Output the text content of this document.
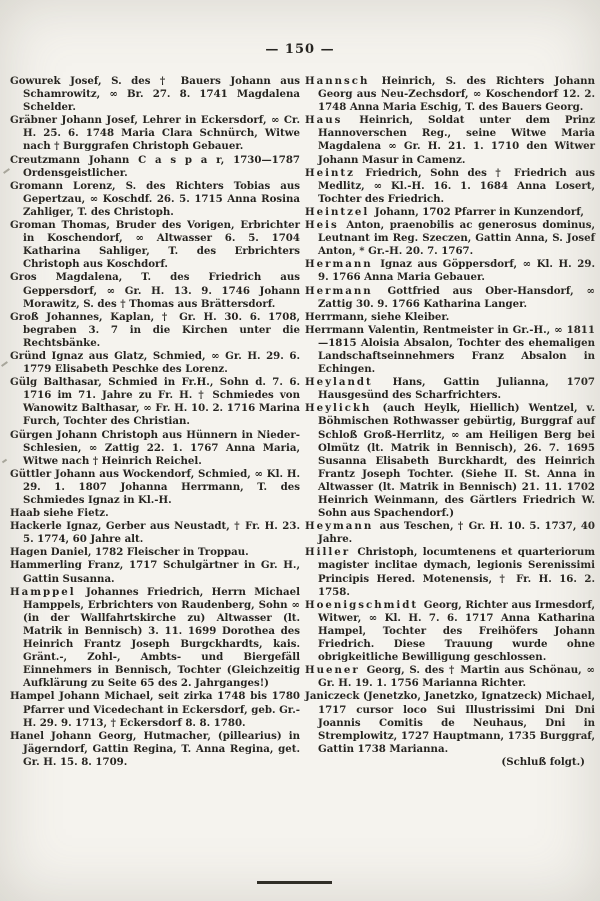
— 150 —

Gowurek Josef, S. des † Bauers Johann aus Schamrowitz, ∞ Br. 27. 8. 1741 Magdalena Schelder.

Gräbner Johann Josef, Lehrer in Eckersdorf, ∞ Cr. H. 25. 6. 1748 Maria Clara Schnürch, Witwe nach † Burggrafen Christoph Gebauer.

Creutzmann Johann C a s p a r, 1730—1787 Ordensgeistlicher.

Gromann Lorenz, S. des Richters Tobias aus Gepertzau, ∞ Koschdf. 26. 5. 1715 Anna Rosina Zahliger, T. des Christoph.

Groman Thomas, Bruder des Vorigen, Erbrichter in Koschendorf, ∞ Altwasser 6. 5. 1704 Katharina Sahliger, T. des Erbrichters Christoph aus Koschdorf.

Gros Magdalena, T. des Friedrich aus Geppersdorf, ∞ Gr. H. 13. 9. 1746 Johann Morawitz, S. des † Thomas aus Brättersdorf.

Groß Johannes, Kaplan, † Gr. H. 30. 6. 1708, begraben 3. 7 in die Kirchen unter die Rechtsbänke.

Gründ Ignaz aus Glatz, Schmied, ∞ Gr. H. 29. 6. 1779 Elisabeth Peschke des Lorenz.

Gülg Balthasar, Schmied in Fr.H., Sohn d. 7. 6. 1716 im 71. Jahre zu Fr. H. † Schmiedes von Wanowitz Balthasar, ∞ Fr. H. 10. 2. 1716 Marina Furch, Tochter des Christian.

Gürgen Johann Christoph aus Hünnern in Nieder-Schlesien, ∞ Zattig 22. 1. 1767 Anna Maria, Witwe nach † Heinrich Reichel.

Güttler Johann aus Wockendorf, Schmied, ∞ Kl. H. 29. 1. 1807 Johanna Herrmann, T. des Schmiedes Ignaz in Kl.-H.

Haab siehe Fietz.

Hackerle Ignaz, Gerber aus Neustadt, † Fr. H. 23. 5. 1774, 60 Jahre alt.

Hagen Daniel, 1782 Fleischer in Troppau.

Hammerling Franz, 1717 Schulgärtner in Gr. H., Gattin Susanna.

Hamppel Johannes Friedrich, Herrn Michael Hamppels, Erbrichters von Raudenberg, Sohn ∞ (in der Wallfahrtskirche zu) Altwasser (lt. Matrik in Bennisch) 3. 11. 1699 Dorothea des Heinrich Frantz Joseph Burgckhardts, kais. Gränt.-, Zohl-, Ambts- und Biergefäll Einnehmers in Bennisch, Tochter (Gleichzeitig Aufklärung zu Seite 65 des 2. Jahrganges!)

Hampel Johann Michael, seit zirka 1748 bis 1780 Pfarrer und Vicedechant in Eckersdorf, geb. Gr.-H. 29. 9. 1713, † Eckersdorf 8. 8. 1780.

Hanel Johann Georg, Hutmacher, (pillearius) in Jägerndorf, Gattin Regina, T. Anna Regina, get. Gr. H. 15. 8. 1709.

Hannsch Heinrich, S. des Richters Johann Georg aus Neu-Zechsdorf, ∞ Koschendorf 12. 2. 1748 Anna Maria Eschig, T. des Bauers Georg.

Haus Heinrich, Soldat unter dem Prinz Hannoverschen Reg., seine Witwe Maria Magdalena ∞ Gr. H. 21. 1. 1710 den Witwer Johann Masur in Camenz.

Heintz Friedrich, Sohn des † Friedrich aus Medlitz, ∞ Kl.-H. 16. 1. 1684 Anna Losert, Tochter des Friedrich.

Heintzel Johann, 1702 Pfarrer in Kunzendorf,

Heis Anton, praenobilis ac generosus dominus, Leutnant im Reg. Szeczen, Gattin Anna, S. Josef Anton, * Gr.-H. 20. 7. 1767.

Hermann Ignaz aus Göppersdorf, ∞ Kl. H. 29. 9. 1766 Anna Maria Gebauer.

Hermann Gottfried aus Ober-Hansdorf, ∞ Zattig 30. 9. 1766 Katharina Langer.

Herrmann, siehe Kleiber.

Herrmann Valentin, Rentmeister in Gr.-H., ∞ 1811—1815 Aloisia Absalon, Tochter des ehemaligen Landschaftseinnehmers Franz Absalon in Echingen.

Heylandt Hans, Gattin Julianna, 1707 Hausgesünd des Scharfrichters.

Heylickh (auch Heylk, Hiellich) Wentzel, v. Böhmischen Rothwasser gebürtig, Burggraf auf Schloß Groß-Herrlitz, ∞ am Heiligen Berg bei Olmütz (lt. Matrik in Bennisch), 26. 7. 1695 Susanna Elisabeth Burckhardt, des Heinrich Frantz Joseph Tochter. (Siehe II. St. Anna in Altwasser (lt. Matrik in Bennisch) 21. 11. 1702 Heinrich Weinmann, des Gärtlers Friedrich W. Sohn aus Spachendorf.)

Heymann aus Teschen, † Gr. H. 10. 5. 1737, 40 Jahre.

Hiller Christoph, locumtenens et quarteriorum magister inclitae dymach, legionis Serenissimi Principis Hered. Motenensis, † Fr. H. 16. 2. 1758.

Hoenigschmidt Georg, Richter aus Irmesdorf, Witwer, ∞ Kl. H. 7. 6. 1717 Anna Katharina Hampel, Tochter des Freihöfers Johann Friedrich. Diese Trauung wurde ohne obrigkeitliche Bewilligung geschlossen.

Huener Georg, S. des † Martin aus Schönau, ∞ Gr. H. 19. 1. 1756 Marianna Richter.

Janiczeck (Jenetzko, Janetzko, Ignatzeck) Michael, 1717 cursor loco Sui Illustrissimi Dni Dni Joannis Comitis de Neuhaus, Dni in Stremplowitz, 1727 Hauptmann, 1735 Burggraf, Gattin 1738 Marianna.

(Schluß folgt.)
